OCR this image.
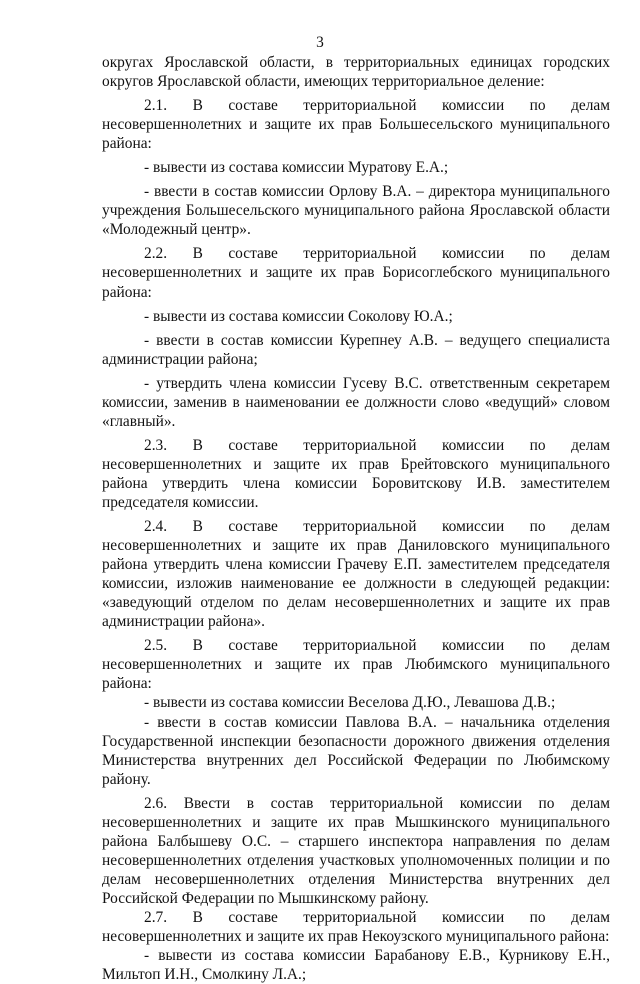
3

округах Ярославской области, в территориальных единицах городских округов Ярославской области, имеющих территориальное деление:

2.1. В составе территориальной комиссии по делам несовершеннолетних и защите их прав Большесельского муниципального района:

- вывести из состава комиссии Муратову Е.А.;

- ввести в состав комиссии Орлову В.А. – директора муниципального учреждения Большесельского муниципального района Ярославской области «Молодежный центр».

2.2. В составе территориальной комиссии по делам несовершеннолетних и защите их прав Борисоглебского муниципального района:

- вывести из состава комиссии Соколову Ю.А.;

- ввести в состав комиссии Курепнеу А.В. – ведущего специалиста администрации района;

- утвердить члена комиссии Гусеву В.С. ответственным секретарем комиссии, заменив в наименовании ее должности слово «ведущий» словом «главный».

2.3. В составе территориальной комиссии по делам несовершеннолетних и защите их прав Брейтовского муниципального района утвердить члена комиссии Боровитскову И.В. заместителем председателя комиссии.

2.4. В составе территориальной комиссии по делам несовершеннолетних и защите их прав Даниловского муниципального района утвердить члена комиссии Грачеву Е.П. заместителем председателя комиссии, изложив наименование ее должности в следующей редакции: «заведующий отделом по делам несовершеннолетних и защите их прав администрации района».

2.5. В составе территориальной комиссии по делам несовершеннолетних и защите их прав Любимского муниципального района:

- вывести из состава комиссии Веселова Д.Ю., Левашова Д.В.;

- ввести в состав комиссии Павлова В.А. – начальника отделения Государственной инспекции безопасности дорожного движения отделения Министерства внутренних дел Российской Федерации по Любимскому району.

2.6. Ввести в состав территориальной комиссии по делам несовершеннолетних и защите их прав Мышкинского муниципального района Балбышеву О.С. – старшего инспектора направления по делам несовершеннолетних отделения участковых уполномоченных полиции и по делам несовершеннолетних отделения Министерства внутренних дел Российской Федерации по Мышкинскому району.

2.7. В составе территориальной комиссии по делам несовершеннолетних и защите их прав Некоузского муниципального района:

- вывести из состава комиссии Барабанову Е.В., Курникову Е.Н., Мильтоп И.Н., Смолкину Л.А.;
